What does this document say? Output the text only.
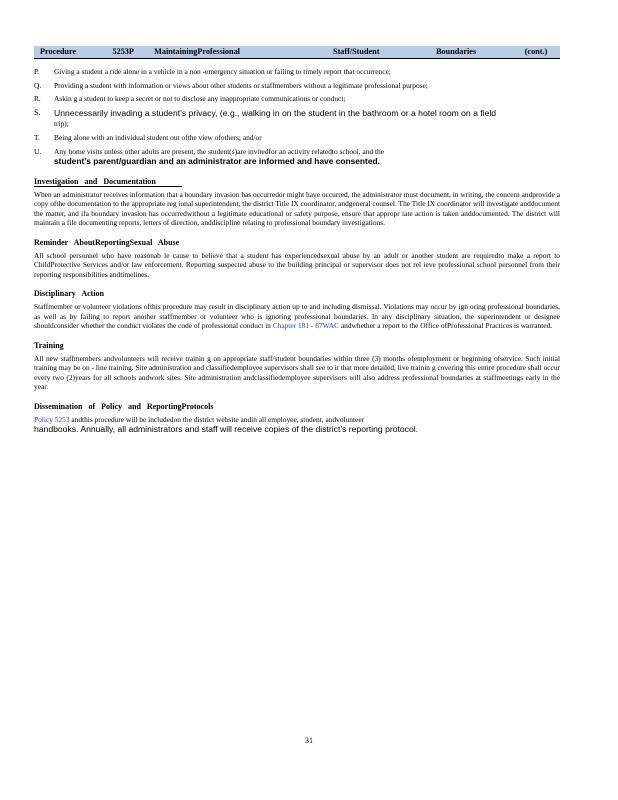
Procedure	5253P MaintainingProfessional	Staff/Student	Boundaries	(cont.)
P.	Giving a student a ride alone in a vehicle in a non -emergency situation or failing to timely report that occurrence;
Q.	Providing a student with information or views about other students or staffmembers without a legitimate professional purpose;
R.	Askin g a student to keep a secret or not to disclose any inappropriate communications or conduct;
S.	Unnecessarily invading a student’s privacy, (e.g., walking in on the student in the bathroom or a hotel room on a field
trip);
T.	Being alone with an individual student out ofthe view ofothers; and/or
U.	Any home visits unless other adults are present, the student(s)are invitedfor an activity relatedto school, and the
student’s parent/guardian and an administrator are informed and have consented.
Investigation and Documentation
When an administrator receives information that a boundary invasion has occurredor might have occurred, the administrator must document, in writing, the concern andprovide a copy ofthe documentation to the appropriate reg ional superintendent, the district Title IX coordinator, andgeneral counsel. The Title IX coordinator will investigate anddocument the matter, and ifa boundary invasion has occurredwithout a legitimate educational or safety purpose, ensure that appropr iate action is taken anddocumented. The district will maintain a file documenting reports, letters of direction, anddiscipline relating to professional boundary investigations.
Reminder AboutReportingSexual Abuse
All school personnel who have reasonab le cause to believe that a student has experiencedsexual abuse by an adult or another student are requiredto make a report to ChildProtective Services and/or law enforcement. Reporting suspected abuse to the building principal or supervisor does not rel ieve professional school personnel from their reporting responsibilities andtimelines.
Disciplinary Action
Staffmember or volunteer violations ofthis procedure may result in disciplinary action up to and including dismissal. Violations may occur by ign oring professional boundaries, as well as by failing to report another staffmember or volunteer who is ignoring professional boundaries. In any disciplinary situation, the superintendent or designee shouldconsider whether the conduct violates the code of professional conduct in Chapter 181 - 87WAC andwhether a report to the Office ofProfessional Practices is warranted.
Training
All new staffmembers andvolunteers will receive trainin g on appropriate staff/student boundaries within three (3) months ofemployment or beginning ofservice. Such initial training may be on - line training. Site administration and classifiedemployee supervisors shall see to it that more detailed, live trainin g covering this entire procedure shall occur every two (2)years for all schools andwork sites. Site administration andclassifiedemployee supervisors will also address professional boundaries at staffmeetings early in the year.
Dissemination of Policy and ReportingProtocols
Policy 5253 andthis procedure will be includedon the district website andin all employee, student, andvolunteer
handbooks. Annually, all administrators and staff will receive copies of the district’s reporting protocol.
31
